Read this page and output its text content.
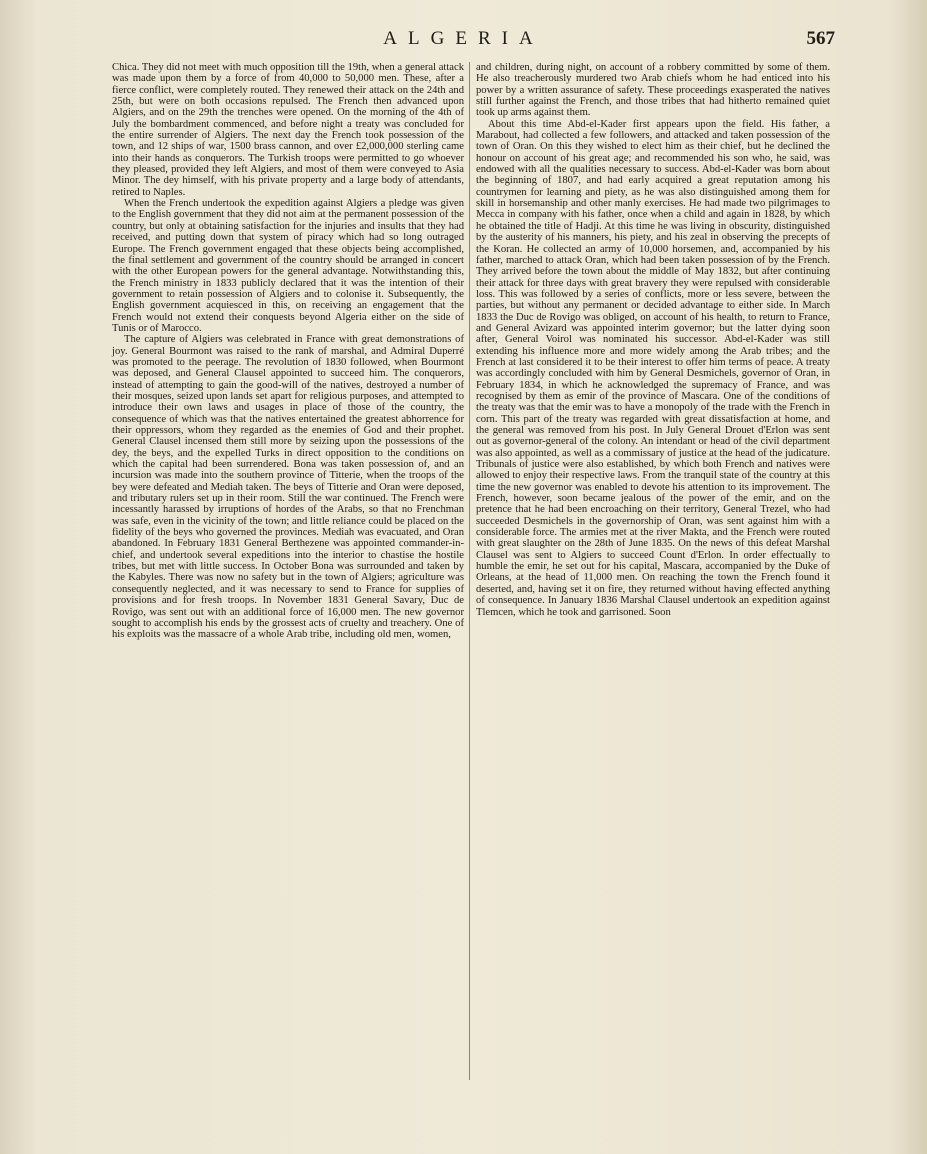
ALGERIA	567

Chica. They did not meet with much opposition till the 19th, when a general attack was made upon them by a force of from 40,000 to 50,000 men. These, after a fierce conflict, were completely routed. They renewed their attack on the 24th and 25th, but were on both occasions repulsed. The French then advanced upon Algiers, and on the 29th the trenches were opened. On the morning of the 4th of July the bombardment commenced, and before night a treaty was concluded for the entire surrender of Algiers. The next day the French took possession of the town, and 12 ships of war, 1500 brass cannon, and over £2,000,000 sterling came into their hands as conquerors. The Turkish troops were permitted to go whoever they pleased, provided they left Algiers, and most of them were conveyed to Asia Minor. The dey himself, with his private property and a large body of attendants, retired to Naples.

When the French undertook the expedition against Algiers a pledge was given to the English government that they did not aim at the permanent possession of the country, but only at obtaining satisfaction for the injuries and insults that they had received, and putting down that system of piracy which had so long outraged Europe. The French government engaged that these objects being accomplished, the final settlement and government of the country should be arranged in concert with the other European powers for the general advantage. Notwithstanding this, the French ministry in 1833 publicly declared that it was the intention of their government to retain possession of Algiers and to colonise it. Subsequently, the English government acquiesced in this, on receiving an engagement that the French would not extend their conquests beyond Algeria either on the side of Tunis or of Marocco.

The capture of Algiers was celebrated in France with great demonstrations of joy. General Bourmont was raised to the rank of marshal, and Admiral Duperré was promoted to the peerage. The revolution of 1830 followed, when Bourmont was deposed, and General Clausel appointed to succeed him. The conquerors, instead of attempting to gain the good-will of the natives, destroyed a number of their mosques, seized upon lands set apart for religious purposes, and attempted to introduce their own laws and usages in place of those of the country, the consequence of which was that the natives entertained the greatest abhorrence for their oppressors, whom they regarded as the enemies of God and their prophet. General Clausel incensed them still more by seizing upon the possessions of the dey, the beys, and the expelled Turks in direct opposition to the conditions on which the capital had been surrendered. Bona was taken possession of, and an incursion was made into the southern province of Titterie, when the troops of the bey were defeated and Mediah taken. The beys of Titterie and Oran were deposed, and tributary rulers set up in their room. Still the war continued. The French were incessantly harassed by irruptions of hordes of the Arabs, so that no Frenchman was safe, even in the vicinity of the town; and little reliance could be placed on the fidelity of the beys who governed the provinces. Mediah was evacuated, and Oran abandoned. In February 1831 General Berthezene was appointed commander-in-chief, and undertook several expeditions into the interior to chastise the hostile tribes, but met with little success. In October Bona was surrounded and taken by the Kabyles. There was now no safety but in the town of Algiers; agriculture was consequently neglected, and it was necessary to send to France for supplies of provisions and for fresh troops. In November 1831 General Savary, Duc de Rovigo, was sent out with an additional force of 16,000 men. The new governor sought to accomplish his ends by the grossest acts of cruelty and treachery. One of his exploits was the massacre of a whole Arab tribe, including old men, women,

and children, during night, on account of a robbery committed by some of them. He also treacherously murdered two Arab chiefs whom he had enticed into his power by a written assurance of safety. These proceedings exasperated the natives still further against the French, and those tribes that had hitherto remained quiet took up arms against them.

About this time Abd-el-Kader first appears upon the field. His father, a Marabout, had collected a few followers, and attacked and taken possession of the town of Oran. On this they wished to elect him as their chief, but he declined the honour on account of his great age; and recommended his son who, he said, was endowed with all the qualities necessary to success. Abd-el-Kader was born about the beginning of 1807, and had early acquired a great reputation among his countrymen for learning and piety, as he was also distinguished among them for skill in horsemanship and other manly exercises. He had made two pilgrimages to Mecca in company with his father, once when a child and again in 1828, by which he obtained the title of Hadji. At this time he was living in obscurity, distinguished by the austerity of his manners, his piety, and his zeal in observing the precepts of the Koran. He collected an army of 10,000 horsemen, and, accompanied by his father, marched to attack Oran, which had been taken possession of by the French. They arrived before the town about the middle of May 1832, but after continuing their attack for three days with great bravery they were repulsed with considerable loss. This was followed by a series of conflicts, more or less severe, between the parties, but without any permanent or decided advantage to either side. In March 1833 the Duc de Rovigo was obliged, on account of his health, to return to France, and General Avizard was appointed interim governor; but the latter dying soon after, General Voirol was nominated his successor. Abd-el-Kader was still extending his influence more and more widely among the Arab tribes; and the French at last considered it to be their interest to offer him terms of peace. A treaty was accordingly concluded with him by General Desmichels, governor of Oran, in February 1834, in which he acknowledged the supremacy of France, and was recognised by them as emir of the province of Mascara. One of the conditions of the treaty was that the emir was to have a monopoly of the trade with the French in corn. This part of the treaty was regarded with great dissatisfaction at home, and the general was removed from his post. In July General Drouet d'Erlon was sent out as governor-general of the colony. An intendant or head of the civil department was also appointed, as well as a commissary of justice at the head of the judicature. Tribunals of justice were also established, by which both French and natives were allowed to enjoy their respective laws. From the tranquil state of the country at this time the new governor was enabled to devote his attention to its improvement. The French, however, soon became jealous of the power of the emir, and on the pretence that he had been encroaching on their territory, General Trezel, who had succeeded Desmichels in the governorship of Oran, was sent against him with a considerable force. The armies met at the river Makta, and the French were routed with great slaughter on the 28th of June 1835. On the news of this defeat Marshal Clausel was sent to Algiers to succeed Count d'Erlon. In order effectually to humble the emir, he set out for his capital, Mascara, accompanied by the Duke of Orleans, at the head of 11,000 men. On reaching the town the French found it deserted, and, having set it on fire, they returned without having effected anything of consequence. In January 1836 Marshal Clausel undertook an expedition against Tlemcen, which he took and garrisoned. Soon
